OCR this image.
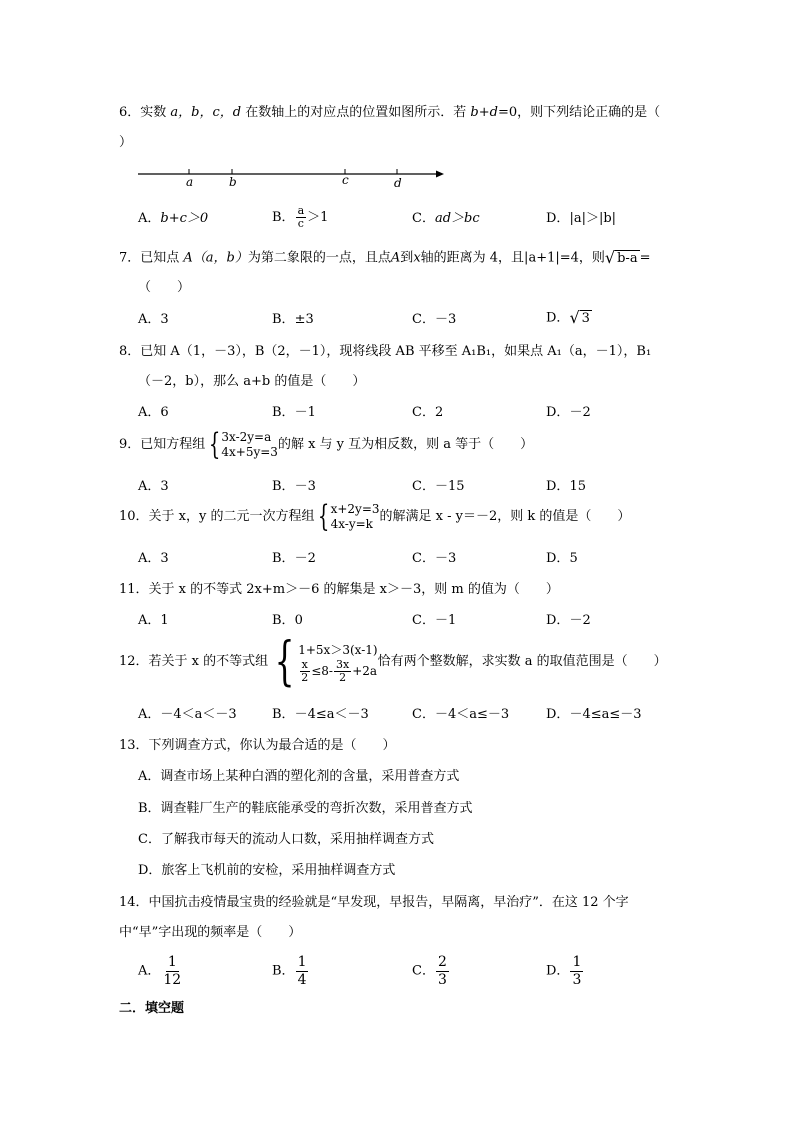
6．实数 a，b，c，d 在数轴上的对应点的位置如图所示．若 b+d=0，则下列结论正确的是（
）
a	b	c	d
A．b+c＞0	B． $\frac{a}{c} >1$	C．ad＞bc	D．|a|＞|b|
7．已知点 A（a，b）为第二象限的一点，且点A到x轴的距离为 4，且|a+1|=4，则 √ b-a =
（　　）
A．3	B．±3	C．－3	D． √ 3
8．已知 A（1，－3），B（2，－1），现将线段 AB 平移至 A₁B₁，如果点 A₁（a，－1），B₁
（－2，b），那么 a+b 的值是（　　）
A．6	B．－1	C．2	D．－2
9．已知方程组 { 3x-2y=a
4x+5y=3 的解 x 与 y 互为相反数，则 a 等于（　　）
A．3	B．－3	C．－15	D．15
10．关于 x，y 的二元一次方程组 { x+2y=3
4x-y=k 的解满足 x - y＝－2，则 k 的值是（　　）
A．3	B．－2	C．－3	D．5
11．关于 x 的不等式 2x+m＞－6 的解集是 x＞－3，则 m 的值为（　　）
A．1	B．0	C．－1	D．－2
12．若关于 x 的不等式组 { 1+5x＞3(x-1)
$\frac{x}{2} \le 8- \frac{3x}{2} +2a$
恰有两个整数解，求实数 a 的取值范围是（　　）
A．－4＜a＜－3	B．－4≤a＜－3	C．－4＜a≤－3	D．－4≤a≤－3
13．下列调查方式，你认为最合适的是（　　）
A．调查市场上某种白酒的塑化剂的含量，采用普查方式
B．调查鞋厂生产的鞋底能承受的弯折次数，采用普查方式
C．了解我市每天的流动人口数，采用抽样调查方式
D．旅客上飞机前的安检，采用抽样调查方式
14．中国抗击疫情最宝贵的经验就是“早发现，早报告，早隔离，早治疗”．在这 12 个字
中“早”字出现的频率是（　　）
A． $\frac{1}{12}$	B． $\frac{1}{4}$	C． $\frac{2}{3}$	D． $\frac{1}{3}$
二．填空题
